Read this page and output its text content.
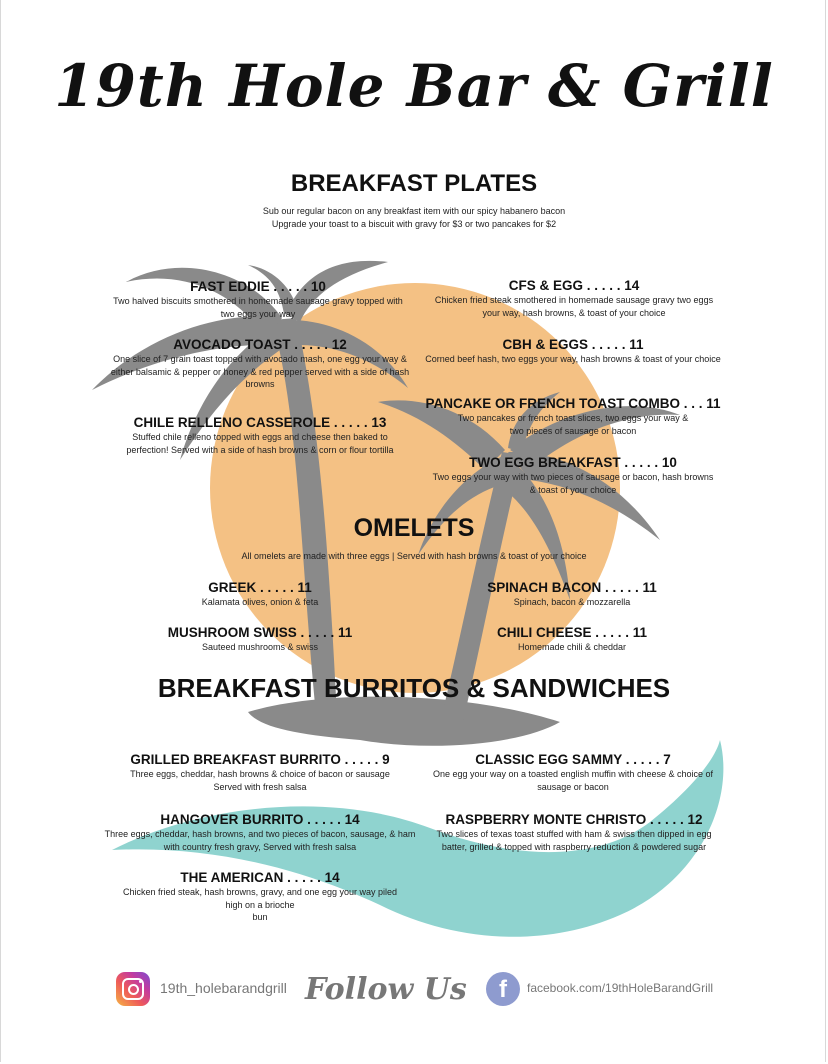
19th Hole Bar & Grill
BREAKFAST PLATES
Sub our regular bacon on any breakfast item with our spicy habanero bacon
Upgrade your toast to a biscuit with gravy for $3 or two pancakes for $2
FAST EDDIE . . . . . 10
Two halved biscuits smothered in homemade sausage gravy topped with two eggs your way
AVOCADO TOAST . . . . . 12
One slice of 7 grain toast topped with avocado mash, one egg your way & either balsamic & pepper or honey & red pepper served with a side of hash browns
CHILE RELLENO CASSEROLE . . . . . 13
Stuffed chile relleno topped with eggs and cheese then baked to perfection! Served with a side of hash browns & corn or flour tortilla
CFS & EGG . . . . . 14
Chicken fried steak smothered in homemade sausage gravy two eggs your way, hash browns, & toast of your choice
CBH & EGGS . . . . . 11
Corned beef hash, two eggs your way, hash browns & toast of your choice
PANCAKE OR FRENCH TOAST COMBO . . . 11
Two pancakes or french toast slices, two eggs your way & two pieces of sausage or bacon
TWO EGG BREAKFAST . . . . . 10
Two eggs your way with two pieces of sausage or bacon, hash browns & toast of your choice
OMELETS
All omelets are made with three eggs | Served with hash browns & toast of your choice
GREEK . . . . . 11
Kalamata olives, onion & feta
MUSHROOM SWISS . . . . . 11
Sauteed mushrooms & swiss
SPINACH BACON . . . . . 11
Spinach, bacon & mozzarella
CHILI CHEESE . . . . . 11
Homemade chili & cheddar
BREAKFAST BURRITOS & SANDWICHES
GRILLED BREAKFAST BURRITO . . . . . 9
Three eggs, cheddar, hash browns & choice of bacon or sausage Served with fresh salsa
HANGOVER BURRITO . . . . . 14
Three eggs, cheddar, hash browns, and two pieces of bacon, sausage, & ham with country fresh gravy, Served with fresh salsa
THE AMERICAN . . . . . 14
Chicken fried steak, hash browns, gravy, and one egg your way piled high on a brioche
bun
CLASSIC EGG SAMMY . . . . . 7
One egg your way on a toasted english muffin with cheese & choice of sausage or bacon
RASPBERRY MONTE CHRISTO . . . . . 12
Two slices of texas toast stuffed with ham & swiss then dipped in egg batter, grilled & topped with raspberry reduction & powdered sugar
19th_holebarandgrill Follow Us	f	facebook.com/19thHoleBarandGrill
